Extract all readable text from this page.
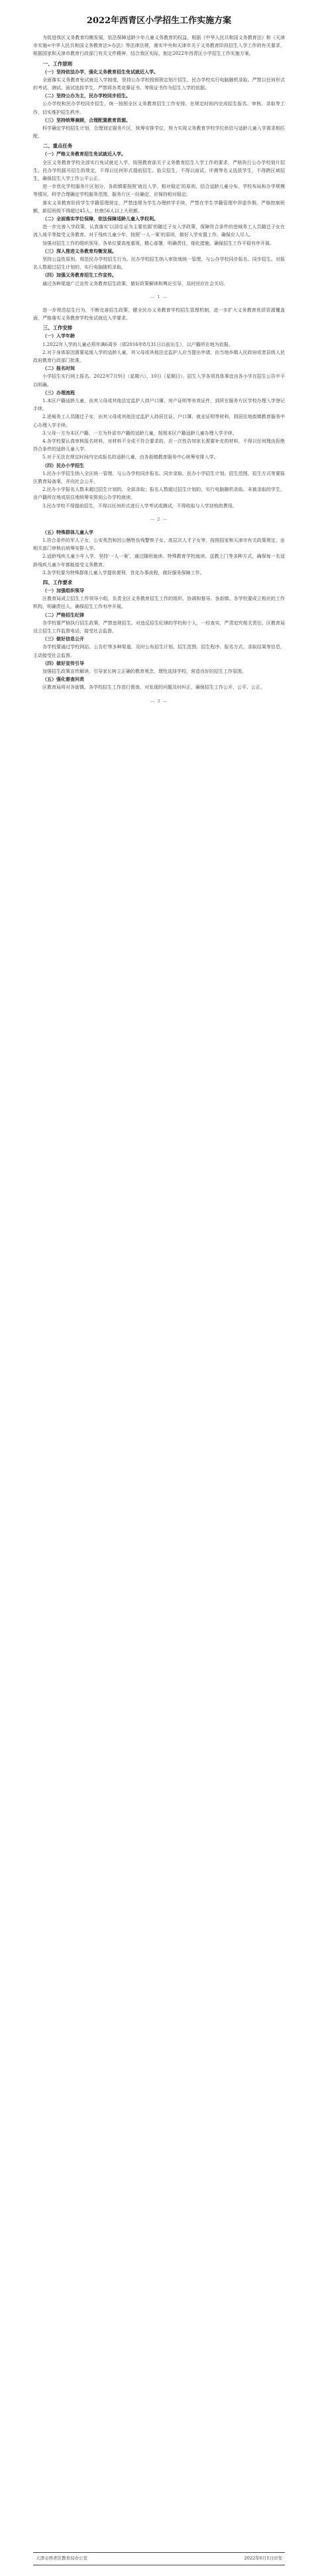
2022年西青区小学招生工作实施方案
为促进我区义务教育均衡发展，依法保障适龄少年儿童义务教育的权益，根据《中华人民共和国义务教育法》和《天津市实施<中华人民共和国义务教育法>办法》等法律法规，落实中央和天津市关于义务教育阶段招生入学工作的有关要求，根据国家和天津市教育行政部门有关文件精神，结合我区实际，制定2022年西青区小学招生工作实施方案。
一、工作原则
（一）坚持依法办学，强化义务教育招生免试就近入学。
全面落实义务教育免试就近入学制度，坚持公办学校按照规定划片招生，民办学校实行电脑随机录取。严禁以任何形式的考试、测试、面试选拔学生，严禁将各类竞赛证书、等级证书作为招生入学的依据。
（二）坚持公办为主，民办学校同步招生。
公办学校和民办学校同步招生，统一按照全区义务教育招生工作安排，在规定时间内完成招生报名、审核、录取等工作，切实维护招生秩序。
（三）坚持统筹兼顾，合理配置教育资源。
科学确定学校招生计划，合理划定服务片区，统筹安排学位，努力实现义务教育学校学位供给与适龄儿童入学需求相匹配。
二、重点任务
（一）严格义务教育招生免试就近入学。
全区义务教育学校全部实行免试就近入学，按照教育部关于义务教育招生入学工作的要求，严格执行公办学校划片招生、民办学校摇号招生的规定，不得以任何形式提前招生、掐尖招生，不得以面试、评测等名义选拔学生，不得跨区域招生，确保招生入学工作公平公正。
进一步优化学校服务片区划分，各街镇要按照'就近入学、相对稳定'的原则，结合适龄儿童分布、学校布局和办学规模等情况，科学合理确定学校服务范围，服务片区一经确定，应保持相对稳定。
落实义务教育阶段学生学籍管理规定，严禁违规为学生办理转学手续，严禁在学生学籍管理中弄虚作假。严格控制班额，新招班级不得超过45人，杜绝56人以上大班额。
（二）全面落实学位保障，依法保障适龄儿童入学权利。
进一步完善入学政策，认真落实'以居住证为主要依据'的随迁子女入学政策，保障符合条件的进城务工人员随迁子女在流入地平等接受义务教育。对于残疾儿童少年，按照'一人一案'的原则，做好入学安置工作，确保应入尽入。
加强对招生工作的组织领导，各单位要高度重视，精心部署，明确责任，细化措施，确保招生工作平稳有序开展。
（三）深入推进义务教育均衡发展。
坚持公益性原则，规范民办学校招生行为。民办学校招生纳入审批地统一管理，与公办学校同步报名、同步招生。对报名人数超过招生计划的，实行电脑随机录取。
（四）加强义务教育招生工作宣传。
通过各种渠道广泛宣传义务教育招生政策，做好政策解读和舆论引导，及时回应社会关切。
— 1 —
进一步规范招生行为，不断完善招生政策，健全民办义务教育学校招生管理机制，进一步扩大义务教育优质资源覆盖面，严格落实义务教育学校免试就近入学要求。
三、工作安排
（一）入学年龄
1.2022年入学的儿童必须年满6周岁（即2016年8月31日以前出生），以户籍所在地为依据。
2.对于身体原因需要延缓入学的适龄儿童，其父母或其他法定监护人应当提出申请，由当地乡镇人民政府或者县级人民政府教育行政部门批准。
（二）报名时间
小学招生实行网上报名。2022年7月9日（星期六）、10日（星期日）。招生入学各项具体事宜由各小学在招生公告中予以明确。
（三）办理流程
1.本区户籍适龄儿童，由其父母或其他法定监护人持户口簿、房产证明等有效证件，到所在服务片区学校办理入学登记手续。
2.进城务工人员随迁子女，由其父母或其他法定监护人持居住证、户口簿、就业证明等材料，到居住地街镇教育服务中心办理入学手续。
3.父母一方为本区户籍、一方为外省市户籍的适龄儿童，按照本区户籍适龄儿童办理入学手续。
4.各学校要认真审核报名材料，对材料不全或不符合要求的，应一次性告知家长需要补充的材料，不得以任何理由拒绝符合条件的适龄儿童入学。
5.对于无法在规定时间内完成报名的适龄儿童，由各街镇教育服务中心统筹安排入学。
（四）民办小学招生
1.民办小学招生纳入全区统一管理，与公办学校同步报名、同步录取。民办小学招生计划、招生范围、招生方式等要报区教育局备案，并向社会公开。
2.民办小学报名人数未超过招生计划的，全部录取；报名人数超过招生计划的，实行电脑随机录取。未被录取的学生，由户籍所在地或居住地统筹安排到公办学校就读。
3.民办学校不得提前招生，不得以任何形式进行入学考试或测试，不得收取与入学挂钩的费用。
— 2 —
（五）特殊群体儿童入学
1.符合条件的军人子女、公安英烈和因公牺牲伤残警察子女、高层次人才子女等，按照国家和天津市有关政策规定，由相关部门审核后统筹安排入学。
2.适龄残疾儿童少年入学，坚持'一人一案'，通过随班就读、特殊教育学校就读、送教上门等多种方式，确保每一名适龄残疾儿童少年都能接受义务教育。
3.各学校要为特殊群体儿童入学提供便利，优化办事流程，做好服务保障工作。
四、工作要求
（一）加强组织领导
区教育局成立招生工作领导小组，负责全区义务教育招生工作的组织、协调和督导。各街镇、各学校要成立相应的工作机构，明确责任人，确保招生工作有序开展。
（二）严格招生纪律
各学校要严格执行招生政策，严禁违规招生。对违反招生纪律的学校和个人，一经查实，严肃追究相关责任。区教育局设立招生工作监督电话，接受社会监督。
（三）做好信息公开
各学校要通过学校网站、公告栏等多种渠道，及时公布招生计划、招生范围、招生程序、报名方式、录取结果等信息，主动接受社会监督。
（四）做好宣传引导
加强招生政策宣传解读，引导家长树立正确的教育观念，理性选择学校，营造良好的招生工作氛围。
（五）强化督查问责
区教育局将对各街镇、各学校招生工作进行督查，对发现的问题及时纠正，确保招生工作公开、公平、公正。
— 3 —
天津市西青区教育局办公室	2022年6月1日印发
